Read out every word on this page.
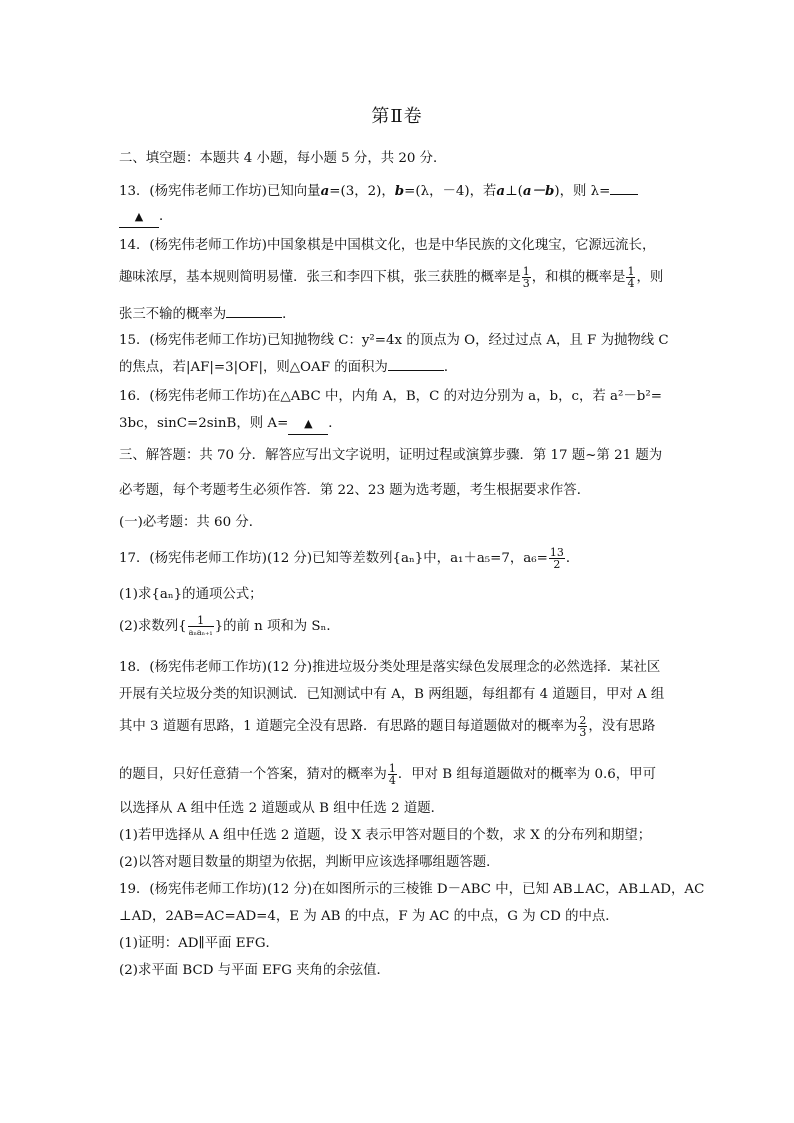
第Ⅱ卷
二、填空题：本题共 4 小题，每小题 5 分，共 20 分．
13．(杨宪伟老师工作坊)已知向量a=(3，2)，b=(λ，－4)，若a⊥(a－b)，则 λ=
▲ ．
14．(杨宪伟老师工作坊)中国象棋是中国棋文化，也是中华民族的文化瑰宝，它源远流长，
趣味浓厚，基本规则简明易懂．张三和李四下棋，张三获胜的概率是 $\frac{1}{3}$ ，和棋的概率是 $\frac{1}{4}$ ，则
张三不输的概率为	．
15．(杨宪伟老师工作坊)已知抛物线 C：y²=4x 的顶点为 O，经过过点 A，且 F 为抛物线 C
的焦点，若|AF|=3|OF|，则△OAF 的面积为	．
16．(杨宪伟老师工作坊)在△ABC 中，内角 A，B，C 的对边分别为 a，b，c，若 a²－b²=
3bc，sinC=2sinB，则 A= ▲ ．
三、解答题：共 70 分．解答应写出文字说明，证明过程或演算步骤．第 17 题~第 21 题为
必考题，每个考题考生必须作答．第 22、23 题为选考题，考生根据要求作答．
(一)必考题：共 60 分．
17．(杨宪伟老师工作坊)(12 分)已知等差数列{aₙ}中，a₁＋a₅=7，$a_6= \frac{13}{2}$ ．
(1)求{aₙ}的通项公式；
(2)求数列{ $\frac{1}{\text{aₙaₙ₊₁}}$ }的前 n 项和为 Sₙ．
18．(杨宪伟老师工作坊)(12 分)推进垃圾分类处理是落实绿色发展理念的必然选择．某社区
开展有关垃圾分类的知识测试．已知测试中有 A，B 两组题，每组都有 4 道题目，甲对 A 组
其中 3 道题有思路，1 道题完全没有思路．有思路的题目每道题做对的概率为 $\frac{2}{3}$ ，没有思路
的题目，只好任意猜一个答案，猜对的概率为 $\frac{1}{4}$ ．甲对 B 组每道题做对的概率为 0.6，甲可
以选择从 A 组中任选 2 道题或从 B 组中任选 2 道题．
(1)若甲选择从 A 组中任选 2 道题，设 X 表示甲答对题目的个数，求 X 的分布列和期望；
(2)以答对题目数量的期望为依据，判断甲应该选择哪组题答题．
19．(杨宪伟老师工作坊)(12 分)在如图所示的三棱锥 D－ABC 中，已知 AB⊥AC，AB⊥AD，AC
⊥AD，2AB=AC=AD=4，E 为 AB 的中点，F 为 AC 的中点，G 为 CD 的中点．
(1)证明：AD∥平面 EFG．
(2)求平面 BCD 与平面 EFG 夹角的余弦值．
